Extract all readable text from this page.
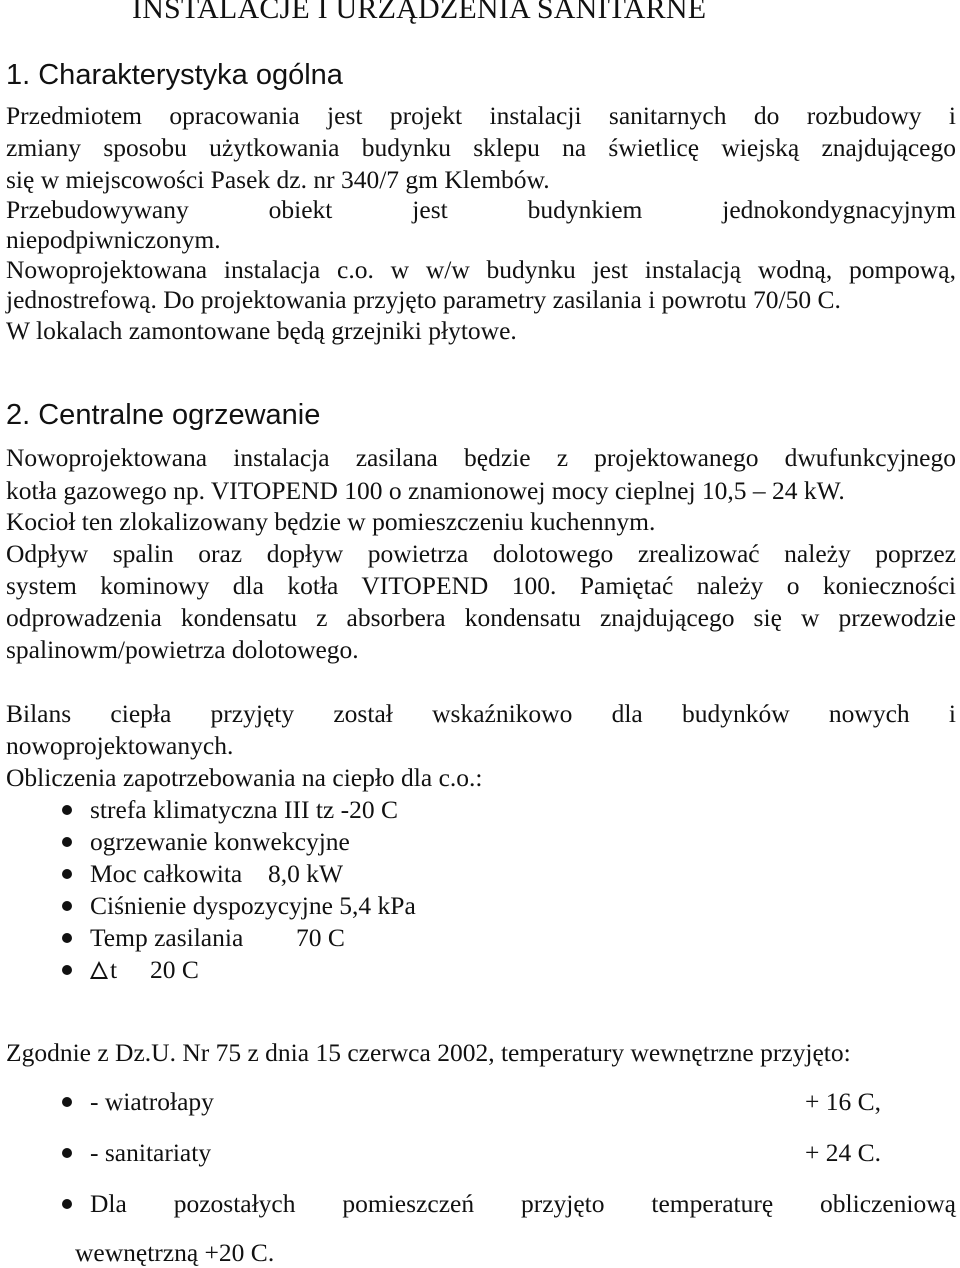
INSTALACJE I URZĄDZENIA SANITARNE
1. Charakterystyka ogólna
Przedmiotem opracowania jest projekt instalacji sanitarnych do rozbudowy i
zmiany sposobu użytkowania budynku sklepu na świetlicę wiejską znajdującego
się w miejscowości Pasek dz. nr 340/7 gm Klembów.
Przebudowywany obiekt jest budynkiem jednokondygnacyjnym
niepodpiwniczonym.
Nowoprojektowana instalacja c.o. w w/w budynku jest instalacją wodną, pompową,
jednostrefową. Do projektowania przyjęto parametry zasilania i powrotu 70/50 C.
W lokalach zamontowane będą grzejniki płytowe.
2. Centralne ogrzewanie
Nowoprojektowana instalacja zasilana będzie z projektowanego dwufunkcyjnego
kotła gazowego np. VITOPEND 100 o znamionowej mocy cieplnej 10,5 – 24 kW.
Kocioł ten zlokalizowany będzie w pomieszczeniu kuchennym.
Odpływ spalin oraz dopływ powietrza dolotowego zrealizować należy poprzez
system kominowy dla kotła VITOPEND 100. Pamiętać należy o konieczności
odprowadzenia kondensatu z absorbera kondensatu znajdującego się w przewodzie
spalinowm/powietrza dolotowego.
Bilans ciepła przyjęty został wskaźnikowo dla budynków nowych i
nowoprojektowanych.
Obliczenia zapotrzebowania na ciepło dla c.o.:
strefa klimatyczna III tz -20 C
ogrzewanie konwekcyjne
Moc całkowita 8,0 kW
Ciśnienie dyspozycyjne 5,4 kPa
Temp zasilania 70 C
t 20 C
Zgodnie z Dz.U. Nr 75 z dnia 15 czerwca 2002, temperatury wewnętrzne przyjęto:
- wiatrołapy	+ 16 C,
- sanitariaty	+ 24 C.
Dla pozostałych pomieszczeń przyjęto temperaturę obliczeniową
wewnętrzną +20 C.
